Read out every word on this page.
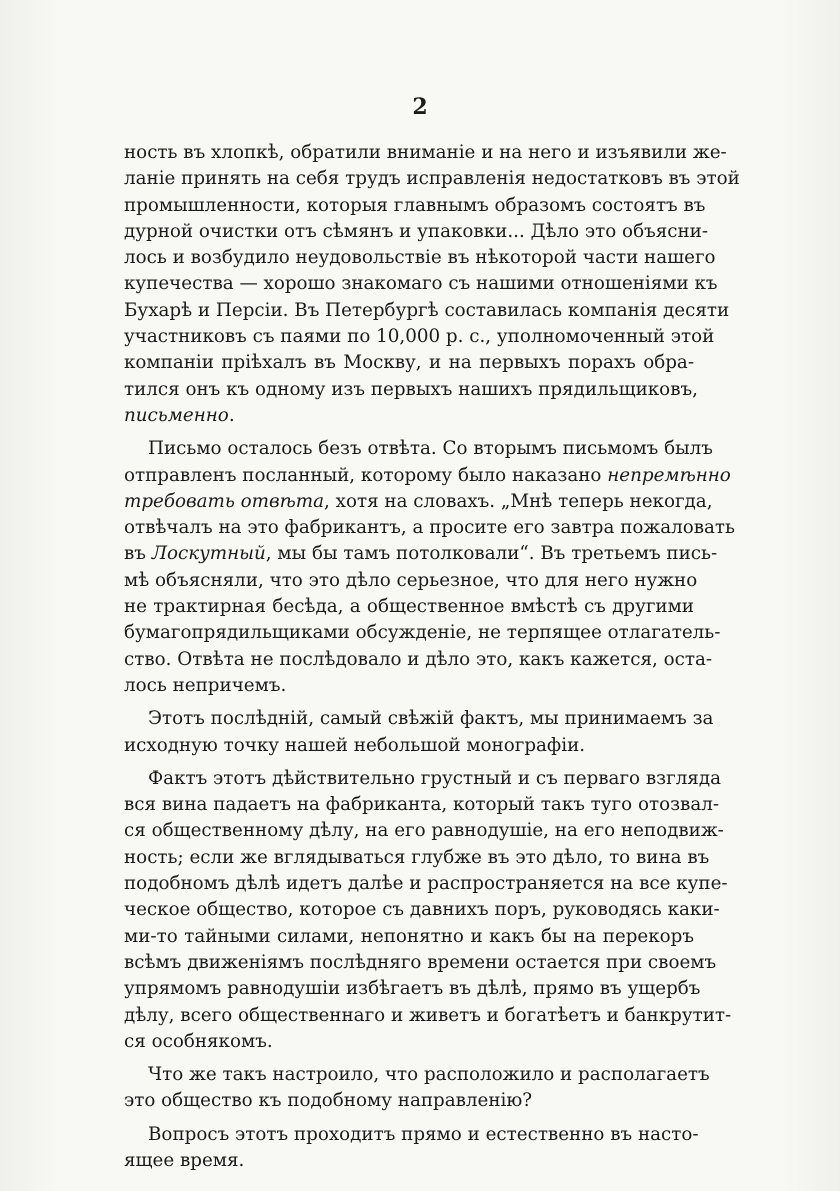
2
ность въ хлопкѣ, обратили вниманіе и на него и изъявили же-
ланіе принять на себя трудъ исправленія недостатковъ въ этой
промышленности, которыя главнымъ образомъ состоятъ въ
дурной очистки отъ сѣмянъ и упаковки... Дѣло это объясни-
лось и возбудило неудовольствіе въ нѣкоторой части нашего
купечества — хорошо знакомаго съ нашими отношеніями къ
Бухарѣ и Персіи. Въ Петербургѣ составилась компанія десяти
участниковъ съ паями по 10,000 р. с., уполномоченный этой
компаніи пріѣхалъ въ Москву, и на первыхъ порахъ обра-
тился онъ къ одному изъ первыхъ нашихъ прядильщиковъ,
письменно.
Письмо осталось безъ отвѣта. Со вторымъ письмомъ былъ
отправленъ посланный, которому было наказано непремѣнно
требовать отвѣта, хотя на словахъ. „Мнѣ теперь некогда,
отвѣчалъ на это фабрикантъ, а просите его завтра пожаловать
въ Лоскутный, мы бы тамъ потолковали“. Въ третьемъ пись-
мѣ объясняли, что это дѣло серьезное, что для него нужно
не трактирная бесѣда, а общественное вмѣстѣ съ другими
бумагопрядильщиками обсужденіе, не терпящее отлагатель-
ство. Отвѣта не послѣдовало и дѣло это, какъ кажется, оста-
лось непричемъ.
Этотъ послѣдній, самый свѣжій фактъ, мы принимаемъ за
исходную точку нашей небольшой монографіи.
Фактъ этотъ дѣйствительно грустный и съ перваго взгляда
вся вина падаетъ на фабриканта, который такъ туго отозвал-
ся общественному дѣлу, на его равнодушіе, на его неподвиж-
ность; если же вглядываться глубже въ это дѣло, то вина въ
подобномъ дѣлѣ идетъ далѣе и распространяется на все купе-
ческое общество, которое съ давнихъ поръ, руководясь каки-
ми-то тайными силами, непонятно и какъ бы на перекоръ
всѣмъ движеніямъ послѣдняго времени остается при своемъ
упрямомъ равнодушіи избѣгаетъ въ дѣлѣ, прямо въ ущербъ
дѣлу, всего общественнаго и живетъ и богатѣетъ и банкрутит-
ся особнякомъ.
Что же такъ настроило, что расположило и располагаетъ
это общество къ подобному направленію?
Вопросъ этотъ проходитъ прямо и естественно въ насто-
ящее время.
